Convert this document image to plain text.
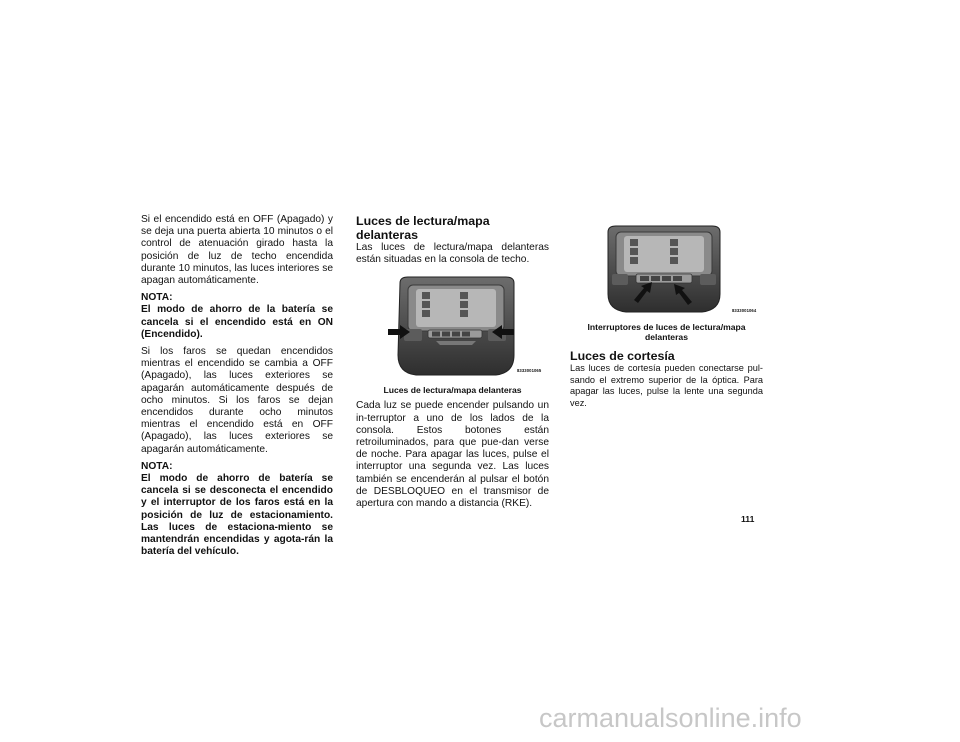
Si el encendido está en OFF (Apagado) y se deja una puerta abierta 10 minutos o el control de atenuación girado hasta la posición de luz de techo encendida durante 10 minutos, las luces interiores se apagan automáticamente.

NOTA:

El modo de ahorro de la batería se cancela si el encendido está en ON (Encendido).

Si los faros se quedan encendidos mientras el encendido se cambia a OFF (Apagado), las luces exteriores se apagarán automáticamente después de ocho minutos. Si los faros se dejan encendidos durante ocho minutos mientras el encendido está en OFF (Apagado), las luces exteriores se apagarán automáticamente.

NOTA:

El modo de ahorro de batería se cancela si se desconecta el encendido y el interruptor de los faros está en la posición de luz de estacionamiento. Las luces de estaciona-miento se mantendrán encendidas y agota-rán la batería del vehículo.

Luces de lectura/mapa delanteras

Las luces de lectura/mapa delanteras están situadas en la consola de techo.

8333001065
Luces de lectura/mapa delanteras

Cada luz se puede encender pulsando un in-terruptor a uno de los lados de la consola. Estos botones están retroiluminados, para que pue-dan verse de noche. Para apagar las luces, pulse el interruptor una segunda vez. Las luces también se encenderán al pulsar el botón de DESBLOQUEO en el transmisor de apertura con mando a distancia (RKE).

8333001064
Interruptores de luces de lectura/mapa delanteras
Luces de cortesía

Las luces de cortesía pueden conectarse pul-sando el extremo superior de la óptica. Para apagar las luces, pulse la lente una segunda vez.

111
carmanualsonline.info
